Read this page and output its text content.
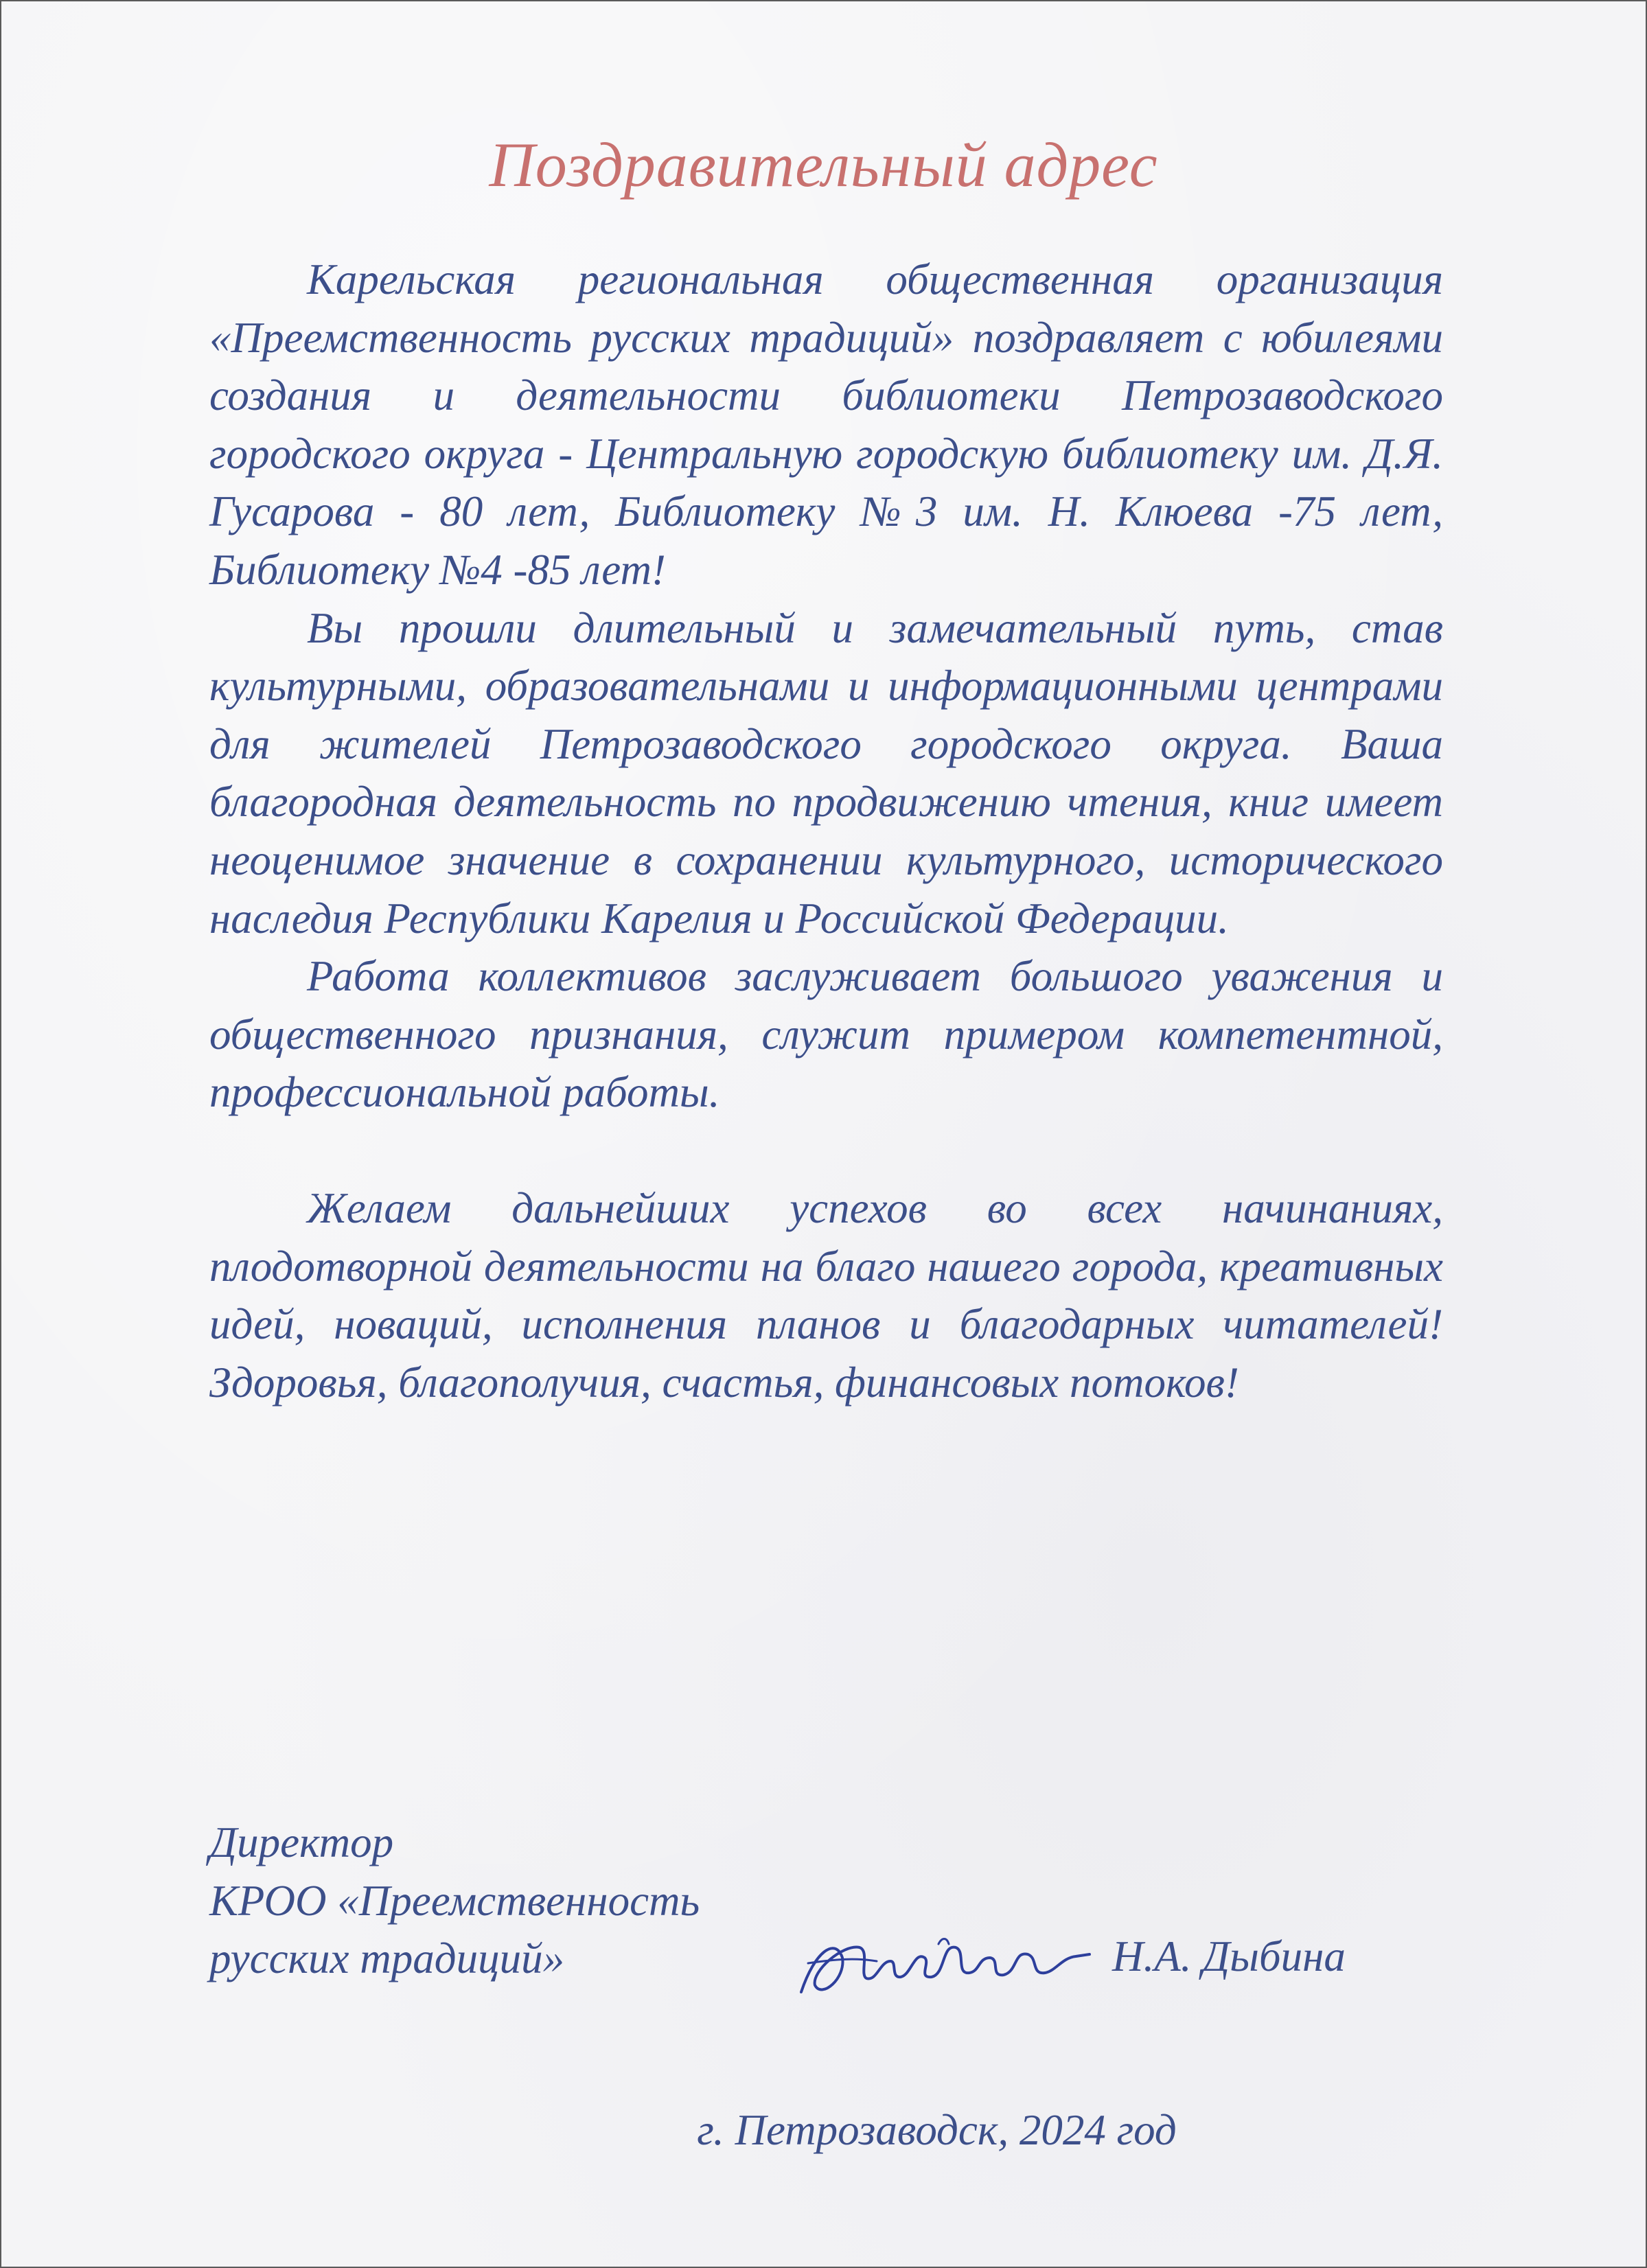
Поздравительный адрес

Карельская региональная общественная организация «Преемственность русских традиций» поздравляет с юбилеями создания и деятельности библиотеки Петрозаводского городского округа - Центральную городскую библиотеку им. Д.Я. Гусарова - 80 лет, Библиотеку №3 им. Н. Клюева -75 лет, Библиотеку №4 -85 лет!

Вы прошли длительный и замечательный путь, став культурными, образовательнами и информационными центрами для жителей Петрозаводского городского округа. Ваша благородная деятельность по продвижению чтения, книг имеет неоценимое значение в сохранении культурного, исторического наследия Республики Карелия и Российской Федерации.

Работа коллективов заслуживает большого уважения и общественного признания, служит примером компетентной, профессиональной работы.

Желаем дальнейших успехов во всех начинаниях, плодотворной деятельности на благо нашего города, креативных идей, новаций, исполнения планов и благодарных читателей! Здоровья, благополучия, счастья, финансовых потоков!

Директор
КРОО «Преемственность
русских традиций»	Н.А. Дыбина
г. Петрозаводск, 2024 год
